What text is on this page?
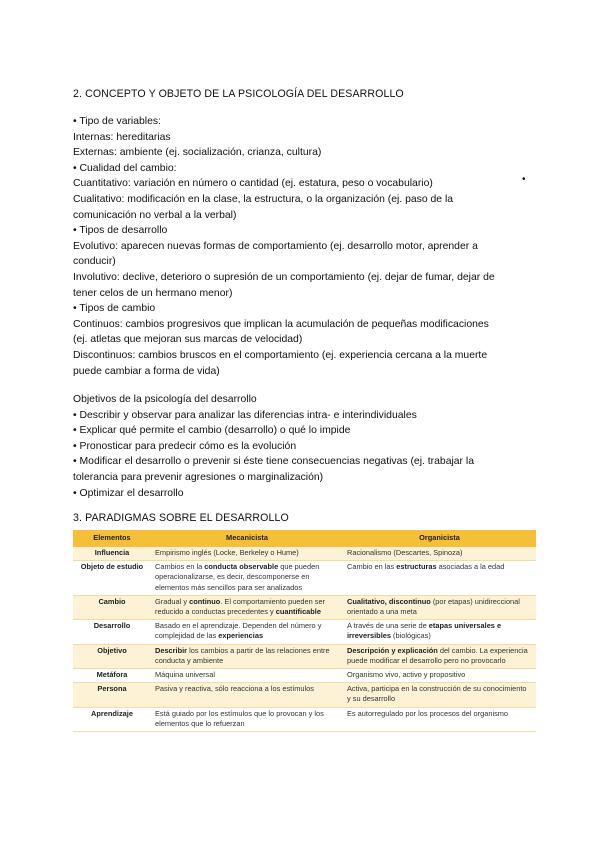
2. CONCEPTO Y OBJETO DE LA PSICOLOGÍA DEL DESARROLLO
• Tipo de variables:
Internas: hereditarias
Externas: ambiente (ej. socialización, crianza, cultura)
• Cualidad del cambio:
Cuantitativo: variación en número o cantidad (ej. estatura, peso o vocabulario)
Cualitativo: modificación en la clase, la estructura, o la organización (ej. paso de la
comunicación no verbal a la verbal)
• Tipos de desarrollo
Evolutivo: aparecen nuevas formas de comportamiento (ej. desarrollo motor, aprender a
conducir)
Involutivo: declive, deterioro o supresión de un comportamiento (ej. dejar de fumar, dejar de
tener celos de un hermano menor)
• Tipos de cambio
Continuos: cambios progresivos que implican la acumulación de pequeñas modificaciones
(ej. atletas que mejoran sus marcas de velocidad)
Discontinuos: cambios bruscos en el comportamiento (ej. experiencia cercana a la muerte
puede cambiar a forma de vida)
•
Objetivos de la psicología del desarrollo
• Describir y observar para analizar las diferencias intra- e interindividuales
• Explicar qué permite el cambio (desarrollo) o qué lo impide
• Pronosticar para predecir cómo es la evolución
• Modificar el desarrollo o prevenir si éste tiene consecuencias negativas (ej. trabajar la
tolerancia para prevenir agresiones o marginalización)
• Optimizar el desarrollo
3. PARADIGMAS SOBRE EL DESARROLLO
Elementos	Mecanicista	Organicista
Influencia	Empirismo inglés (Locke, Berkeley o Hume)	Racionalismo (Descartes, Spinoza)
Objeto de estudio	Cambios en la conducta observable que pueden operacionalizarse, es decir, descomponerse en elementos más sencillos para ser analizados	Cambio en las estructuras asociadas a la edad
Cambio	Gradual y continuo. El comportamiento pueden ser reducido a conductas precedentes y cuantificable	Cualitativo, discontinuo (por etapas) unidireccional orientado a una meta
Desarrollo	Basado en el aprendizaje. Dependen del número y complejidad de las experiencias	A través de una serie de etapas universales e irreversibles (biológicas)
Objetivo	Describir los cambios a partir de las relaciones entre conducta y ambiente	Descripción y explicación del cambio. La experiencia puede modificar el desarrollo pero no provocarlo
Metáfora	Máquina universal	Organismo vivo, activo y propositivo
Persona	Pasiva y reactiva, sólo reacciona a los estímulos	Activa, participa en la construcción de su conocimiento y su desarrollo
Aprendizaje	Está guiado por los estímulos que lo provocan y los elementos que lo refuerzan	Es autorregulado por los procesos del organismo
